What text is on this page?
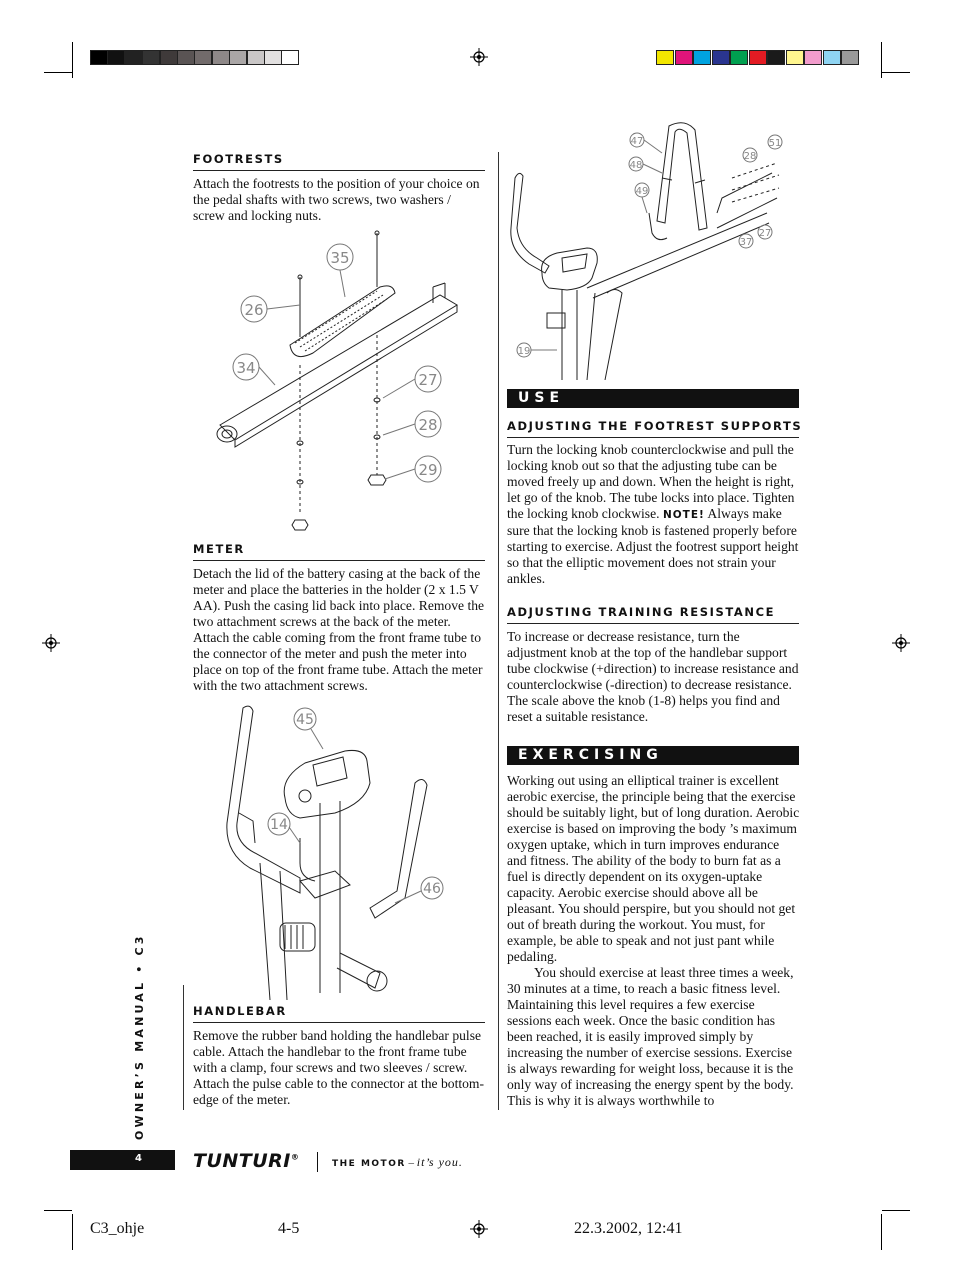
FOOTRESTS
Attach the footrests to the position of your choice on the pedal shafts with two screws, two washers / screw and locking nuts.
35
26
34
27
28
29
METER
Detach the lid of the battery casing at the back of the meter and place the batteries in the holder (2 x 1.5 V AA). Push the casing lid back into place. Remove the two attachment screws at the back of the meter. Attach the cable coming from the front frame tube to the connector of the meter and push the meter into place on top of the front frame tube. Attach the meter with the two attachment screws.
45
14
46
HANDLEBAR
Remove the rubber band holding the handlebar pulse cable. Attach the handlebar to the front frame tube with a clamp, four screws and two sleeves / screw. Attach the pulse cable to the connector at the bottom-edge of the meter.
47
48
49
51
28
27
37
19
USE
ADJUSTING THE FOOTREST SUPPORTS
Turn the locking knob counterclockwise and pull the locking knob out so that the adjusting tube can be moved freely up and down. When the height is right, let go of the knob. The tube locks into place. Tighten the locking knob clockwise. NOTE! Always make sure that the locking knob is fastened properly before starting to exercise. Adjust the footrest support height so that the elliptic movement does not strain your ankles.
ADJUSTING TRAINING RESISTANCE
To increase or decrease resistance, turn the adjustment knob at the top of the handlebar support tube clockwise (+direction) to increase resistance and counterclockwise (-direction) to decrease resistance. The scale above the knob (1-8) helps you find and reset a suitable resistance.
EXERCISING
Working out using an elliptical trainer is excellent aerobic exercise, the principle being that the exercise should be suitably light, but of long duration. Aerobic exercise is based on improving the body ’s maximum oxygen uptake, which in turn improves endurance and fitness. The ability of the body to burn fat as a fuel is directly dependent on its oxygen-uptake capacity. Aerobic exercise should above all be pleasant. You should perspire, but you should not get out of breath during the workout. You must, for example, be able to speak and not just pant while pedaling.
You should exercise at least three times a week, 30 minutes at a time, to reach a basic fitness level. Maintaining this level requires a few exercise sessions each week. Once the basic condition has been reached, it is easily improved simply by increasing the number of exercise sessions. Exercise is always rewarding for weight loss, because it is the only way of increasing the energy spent by the body. This is why it is always worthwhile to
OWNER’S MANUAL • C3
4	TUNTURI®
THE MOTOR – it’s you.
C3_ohje	4-5	22.3.2002, 12:41
